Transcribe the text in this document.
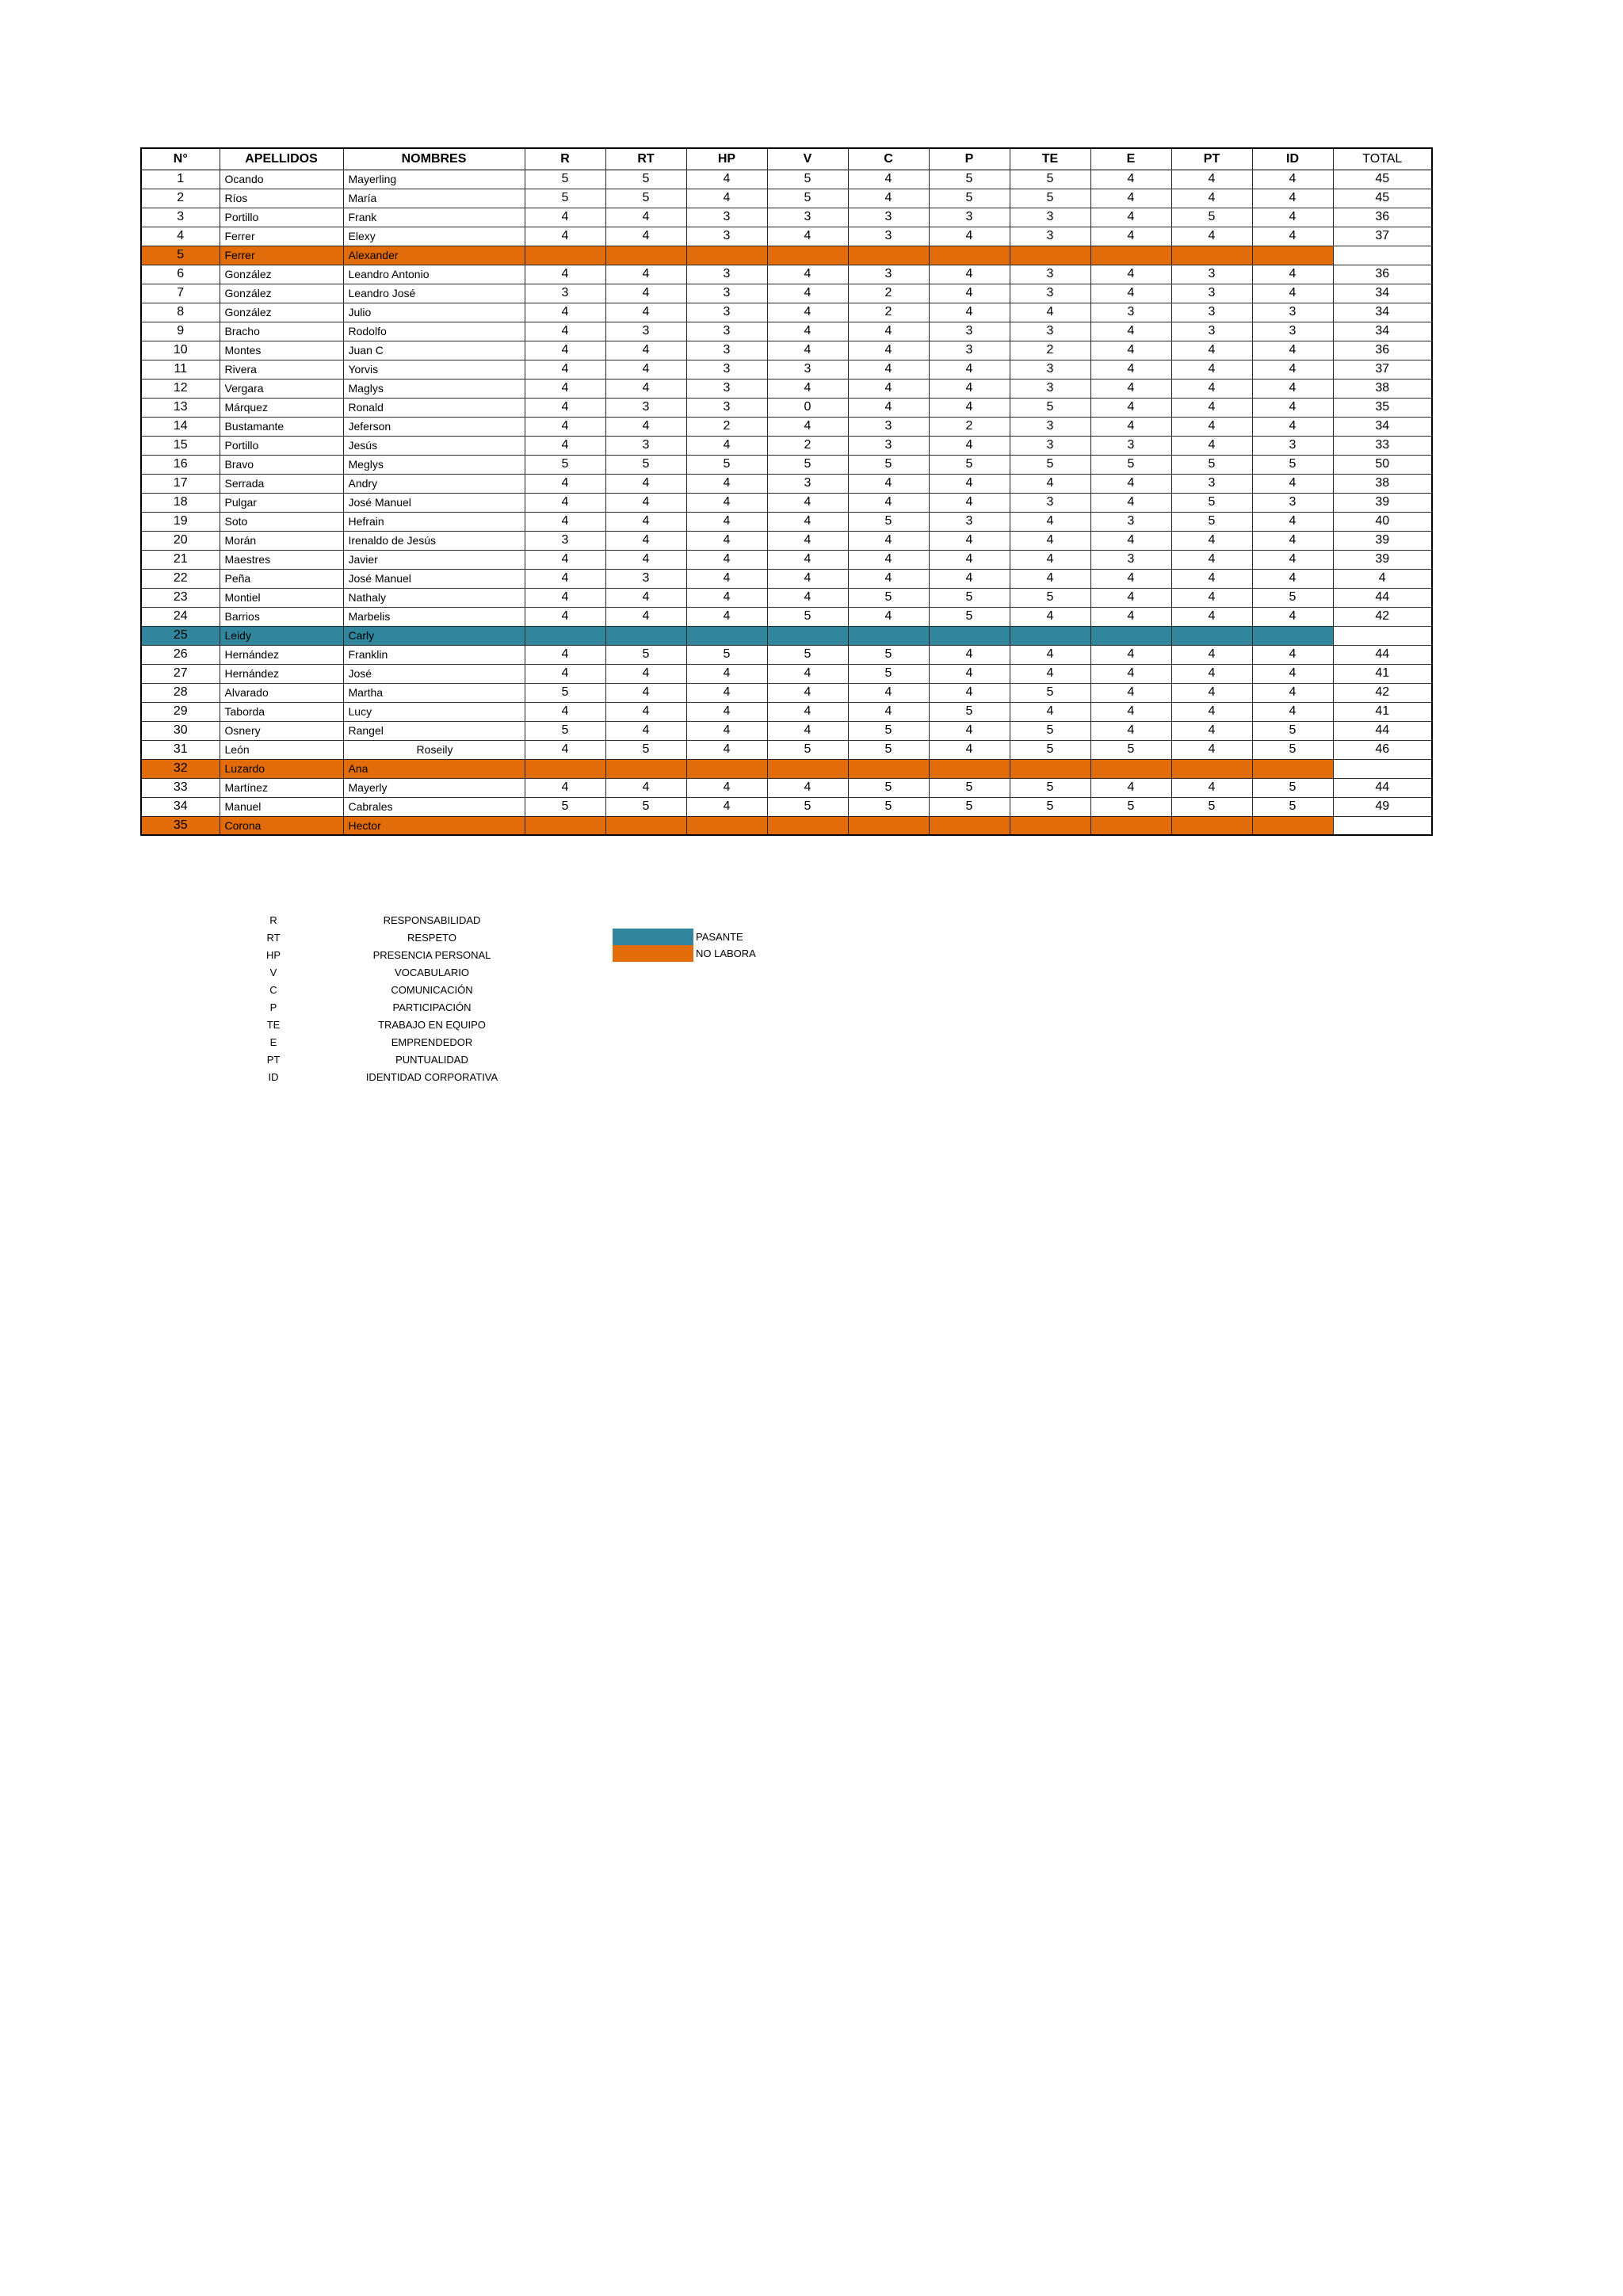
N°	APELLIDOS	NOMBRES	R	RT	HP	V	C	P	TE	E	PT	ID	TOTAL
1	Ocando	Mayerling	5	5	4	5	4	5	5	4	4	4	45
2	Ríos	María	5	5	4	5	4	5	5	4	4	4	45
3	Portillo	Frank	4	4	3	3	3	3	3	4	5	4	36
4	Ferrer	Elexy	4	4	3	4	3	4	3	4	4	4	37
5	Ferrer	Alexander											
6	González	Leandro Antonio	4	4	3	4	3	4	3	4	3	4	36
7	González	Leandro José	3	4	3	4	2	4	3	4	3	4	34
8	González	Julio	4	4	3	4	2	4	4	3	3	3	34
9	Bracho	Rodolfo	4	3	3	4	4	3	3	4	3	3	34
10	Montes	Juan C	4	4	3	4	4	3	2	4	4	4	36
11	Rivera	Yorvis	4	4	3	3	4	4	3	4	4	4	37
12	Vergara	Maglys	4	4	3	4	4	4	3	4	4	4	38
13	Márquez	Ronald	4	3	3	0	4	4	5	4	4	4	35
14	Bustamante	Jeferson	4	4	2	4	3	2	3	4	4	4	34
15	Portillo	Jesús	4	3	4	2	3	4	3	3	4	3	33
16	Bravo	Meglys	5	5	5	5	5	5	5	5	5	5	50
17	Serrada	Andry	4	4	4	3	4	4	4	4	3	4	38
18	Pulgar	José Manuel	4	4	4	4	4	4	3	4	5	3	39
19	Soto	Hefrain	4	4	4	4	5	3	4	3	5	4	40
20	Morán	Irenaldo de Jesús	3	4	4	4	4	4	4	4	4	4	39
21	Maestres	Javier	4	4	4	4	4	4	4	3	4	4	39
22	Peña	José Manuel	4	3	4	4	4	4	4	4	4	4	4
23	Montiel	Nathaly	4	4	4	4	5	5	5	4	4	5	44
24	Barrios	Marbelis	4	4	4	5	4	5	4	4	4	4	42
25	Leidy	Carly											
26	Hernández	Franklin	4	5	5	5	5	4	4	4	4	4	44
27	Hernández	José	4	4	4	4	5	4	4	4	4	4	41
28	Alvarado	Martha	5	4	4	4	4	4	5	4	4	4	42
29	Taborda	Lucy	4	4	4	4	4	5	4	4	4	4	41
30	Osnery	Rangel	5	4	4	4	5	4	5	4	4	5	44
31	León	Roseily	4	5	4	5	5	4	5	5	4	5	46
32	Luzardo	Ana											
33	Martínez	Mayerly	4	4	4	4	5	5	5	4	4	5	44
34	Manuel	Cabrales	5	5	4	5	5	5	5	5	5	5	49
35	Corona	Hector											
R	RESPONSABILIDAD
RT	RESPETO
HP	PRESENCIA PERSONAL
V	VOCABULARIO
C	COMUNICACIÓN
P	PARTICIPACIÓN
TE	TRABAJO EN EQUIPO
E	EMPRENDEDOR
PT	PUNTUALIDAD
ID	IDENTIDAD CORPORATIVA
PASANTE
NO LABORA
